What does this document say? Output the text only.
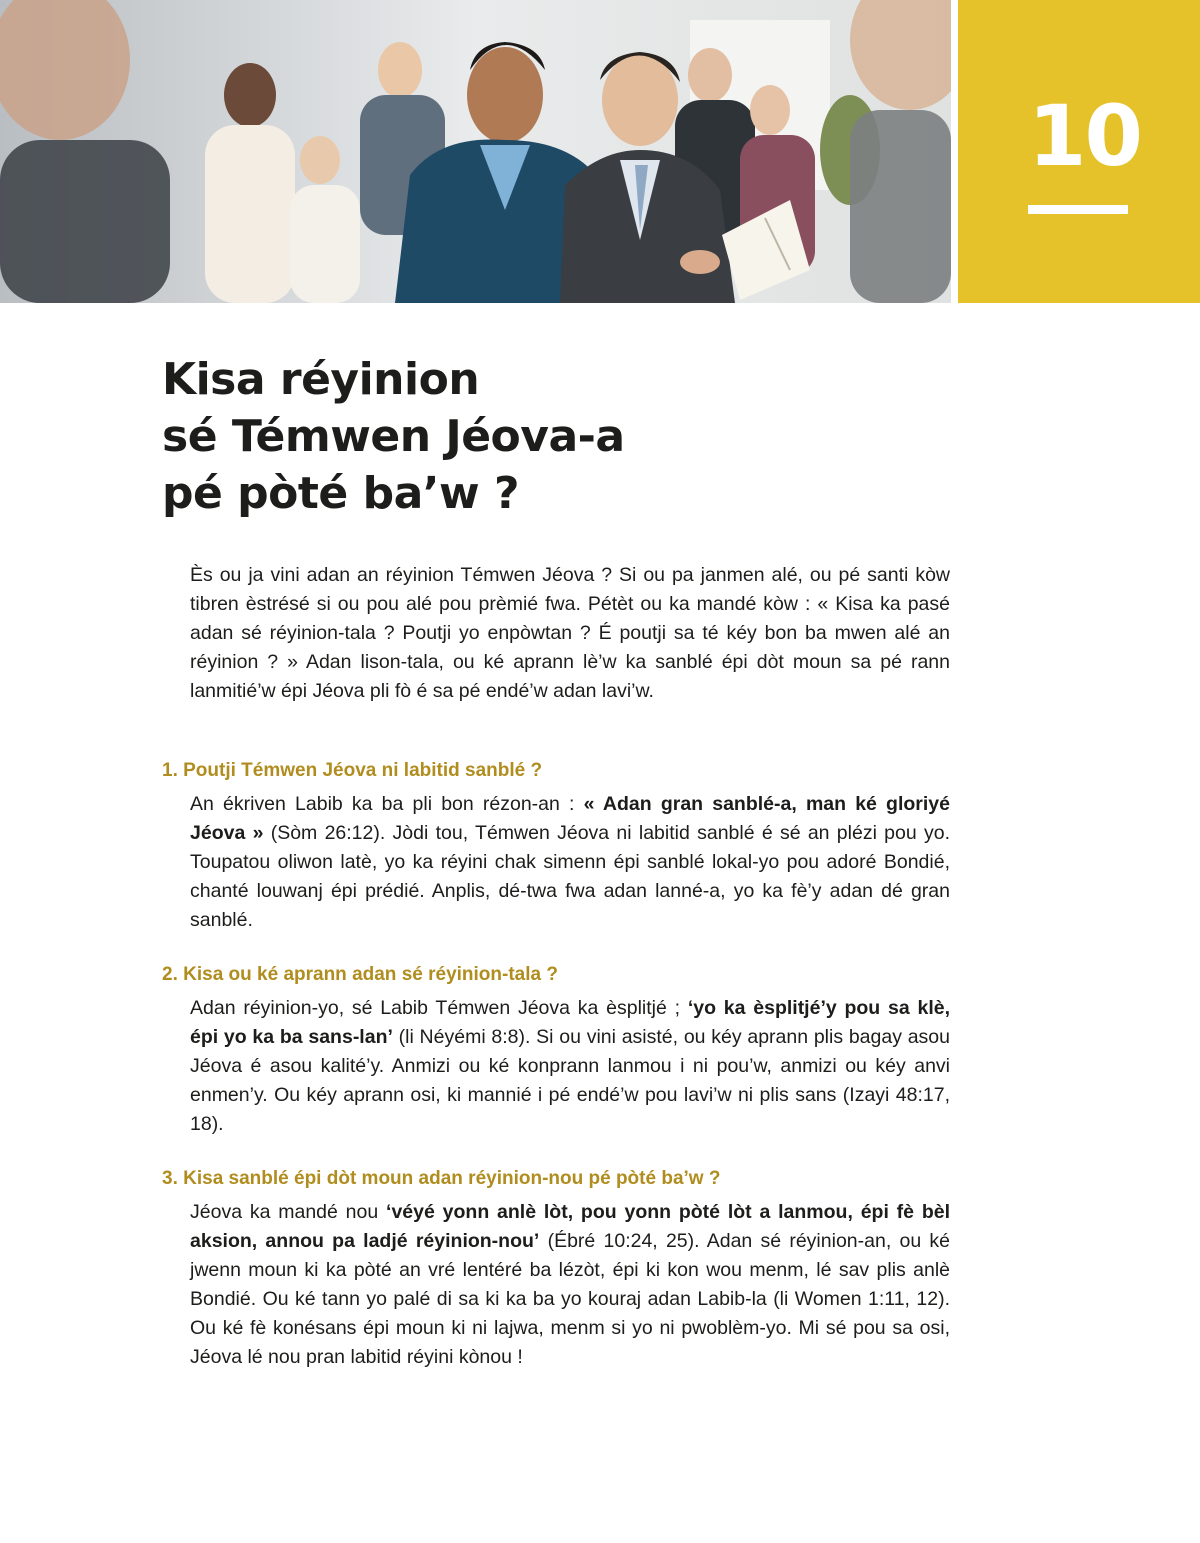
10
Kisa réyinion
sé Témwen Jéova-a
pé pòté ba’w ?

Ès ou ja vini adan an réyinion Témwen Jéova ? Si ou pa janmen alé, ou pé santi kòw tibren èstrésé si ou pou alé pou prèmié fwa. Pétèt ou ka mandé kòw : « Kisa ka pasé adan sé réyinion-tala ? Poutji yo enpòwtan ? É poutji sa té kéy bon ba mwen alé an réyinion ? » Adan lison-tala, ou ké aprann lè’w ka sanblé épi dòt moun sa pé rann lanmitié’w épi Jéova pli fò é sa pé endé’w adan lavi’w.

1. Poutji Témwen Jéova ni labitid sanblé ?

An ékriven Labib ka ba pli bon rézon-an : « Adan gran sanblé-a, man ké gloriyé Jéova » (Sòm 26:12). Jòdi tou, Témwen Jéova ni labitid sanblé é sé an plézi pou yo. Toupatou oliwon latè, yo ka réyini chak simenn épi sanblé lokal-yo pou adoré Bondié, chanté louwanj épi prédié. Anplis, dé-twa fwa adan lanné-a, yo ka fè’y adan dé gran sanblé.

2. Kisa ou ké aprann adan sé réyinion-tala ?

Adan réyinion-yo, sé Labib Témwen Jéova ka èsplitjé ; ‘yo ka èsplitjé’y pou sa klè, épi yo ka ba sans-lan’ (li Néyémi 8:8). Si ou vini asisté, ou kéy aprann plis bagay asou Jéova é asou kalité’y. Anmizi ou ké konprann lanmou i ni pou’w, anmizi ou kéy anvi enmen’y. Ou kéy aprann osi, ki mannié i pé endé’w pou lavi’w ni plis sans (Izayi 48:17, 18).

3. Kisa sanblé épi dòt moun adan réyinion-nou pé pòté ba’w ?

Jéova ka mandé nou ‘véyé yonn anlè lòt, pou yonn pòté lòt a lanmou, épi fè bèl aksion, annou pa ladjé réyinion-nou’ (Ébré 10:24, 25). Adan sé réyinion-an, ou ké jwenn moun ki ka pòté an vré lentéré ba lézòt, épi ki kon wou menm, lé sav plis anlè Bondié. Ou ké tann yo palé di sa ki ka ba yo kouraj adan Labib-la (li Women 1:11, 12). Ou ké fè konésans épi moun ki ni lajwa, menm si yo ni pwoblèm-yo. Mi sé pou sa osi, Jéova lé nou pran labitid réyini kònou !
